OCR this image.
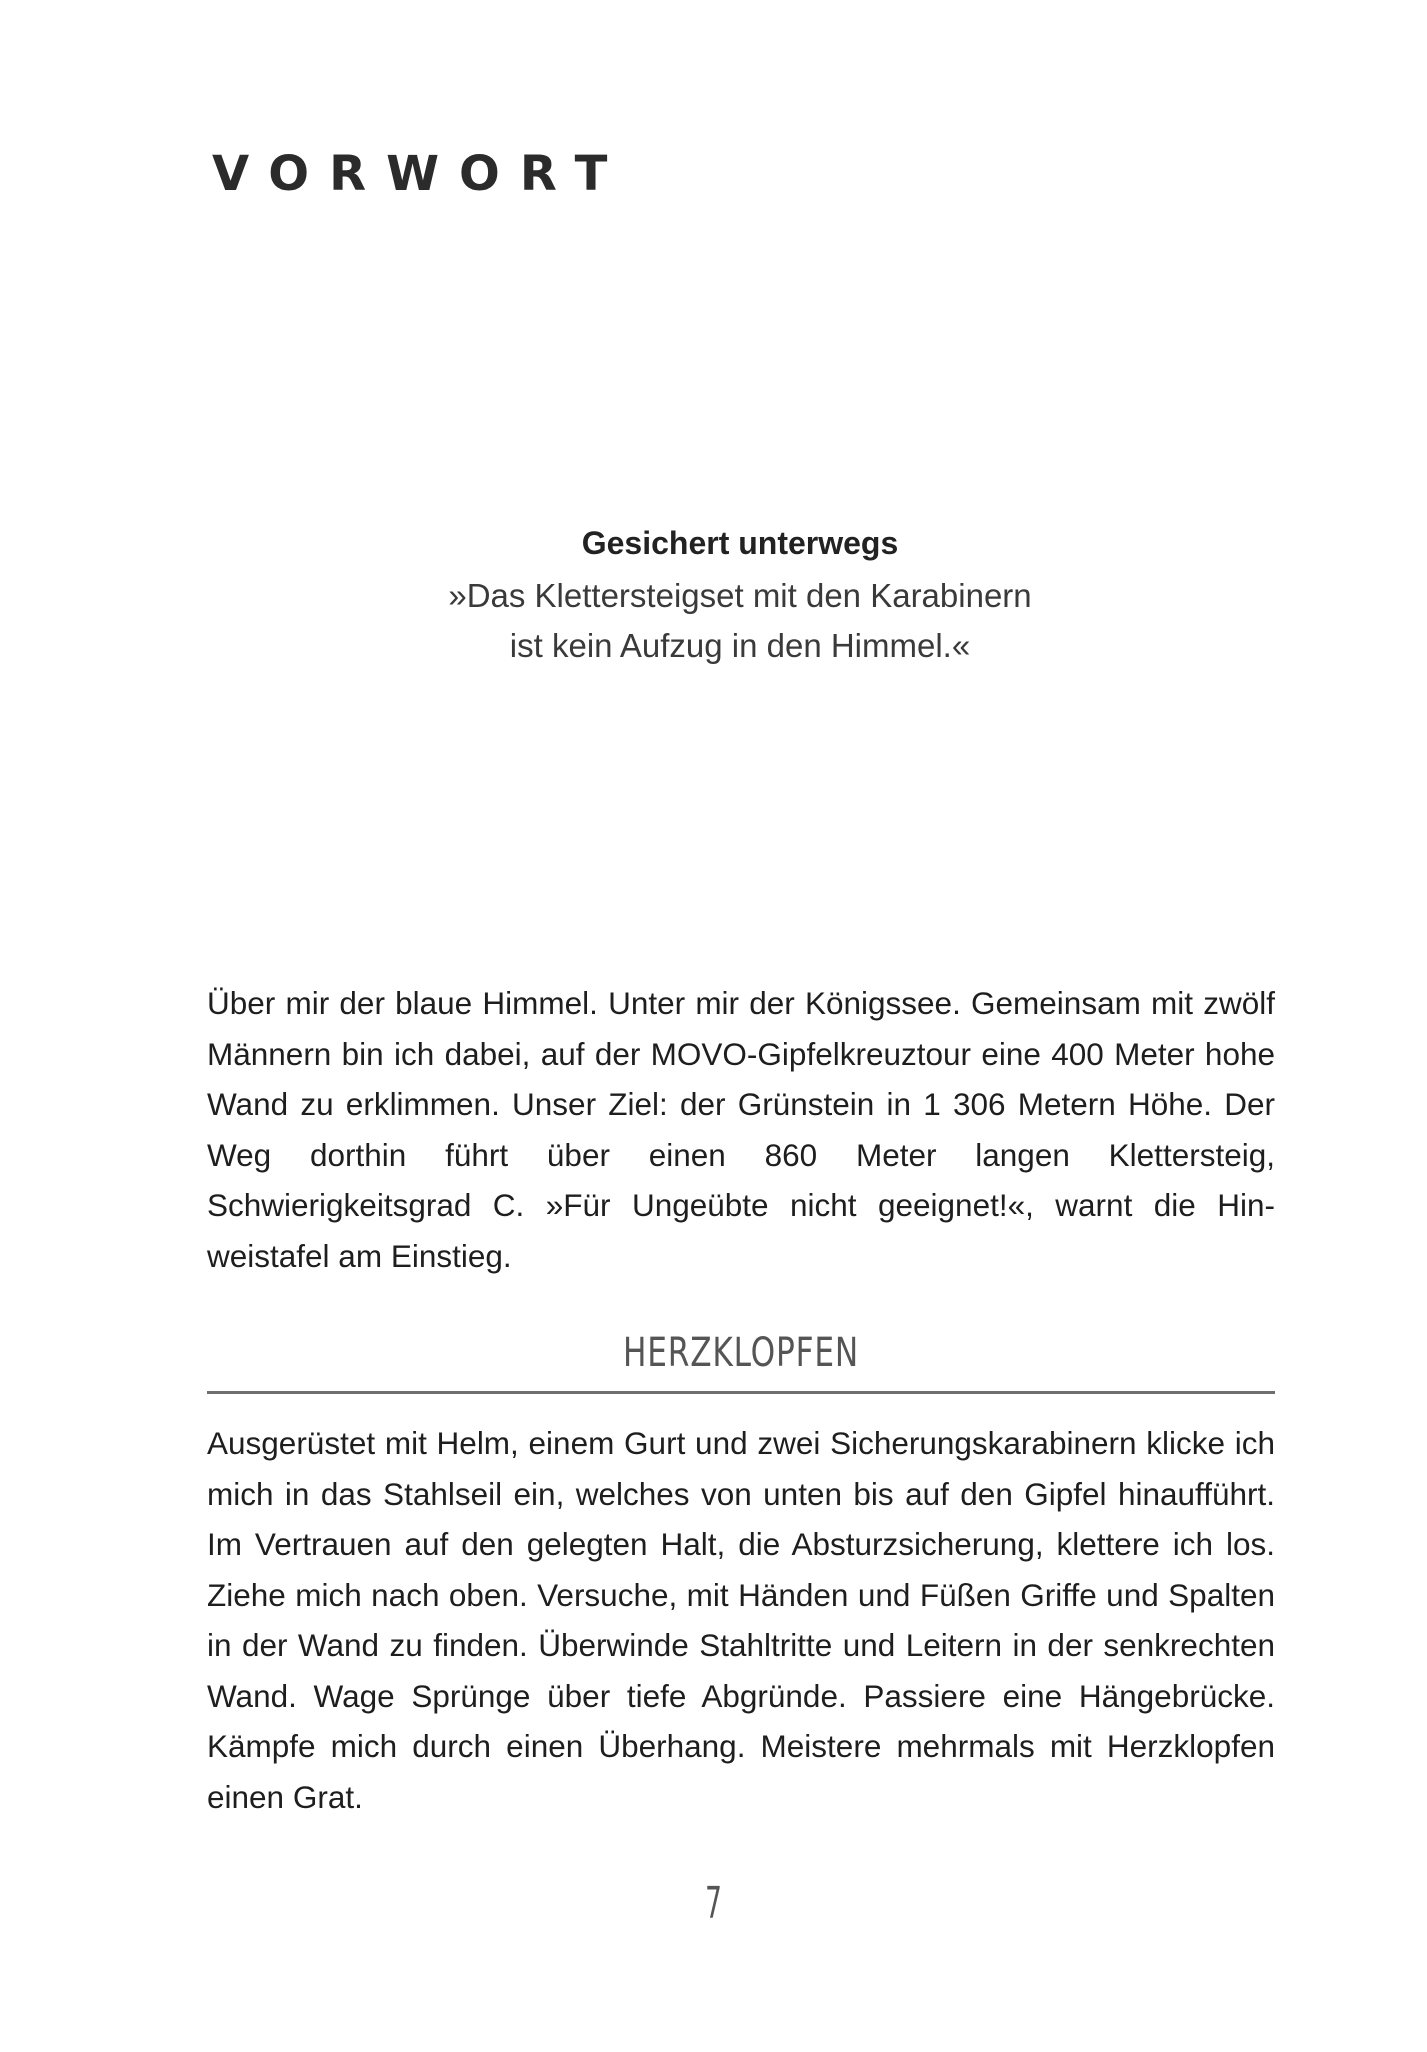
VORWORT

Gesichert unterwegs

»Das Klettersteigset mit den Karabinern

ist kein Aufzug in den Himmel.«

Über mir der blaue Himmel. Unter mir der Königssee. Gemeinsam mit zwölf Männern bin ich dabei, auf der MOVO-Gipfelkreuztour eine 400 Meter hohe Wand zu erklimmen. Unser Ziel: der Grünstein in 1 306 Metern Höhe. Der Weg dorthin führt über einen 860 Meter langen Klettersteig, Schwierigkeitsgrad C. »Für Ungeübte nicht geeignet!«, warnt die Hinweistafel am Einstieg.

HERZKLOPFEN

Ausgerüstet mit Helm, einem Gurt und zwei Sicherungskarabinern klicke ich mich in das Stahlseil ein, welches von unten bis auf den Gipfel hinaufführt. Im Vertrauen auf den gelegten Halt, die Absturzsicherung, klettere ich los. Ziehe mich nach oben. Versuche, mit Händen und Füßen Griffe und Spalten in der Wand zu finden. Überwinde Stahltritte und Leitern in der senkrechten Wand. Wage Sprünge über tiefe Abgründe. Passiere eine Hängebrücke. Kämpfe mich durch einen Überhang. Meistere mehrmals mit Herzklopfen einen Grat.

7
